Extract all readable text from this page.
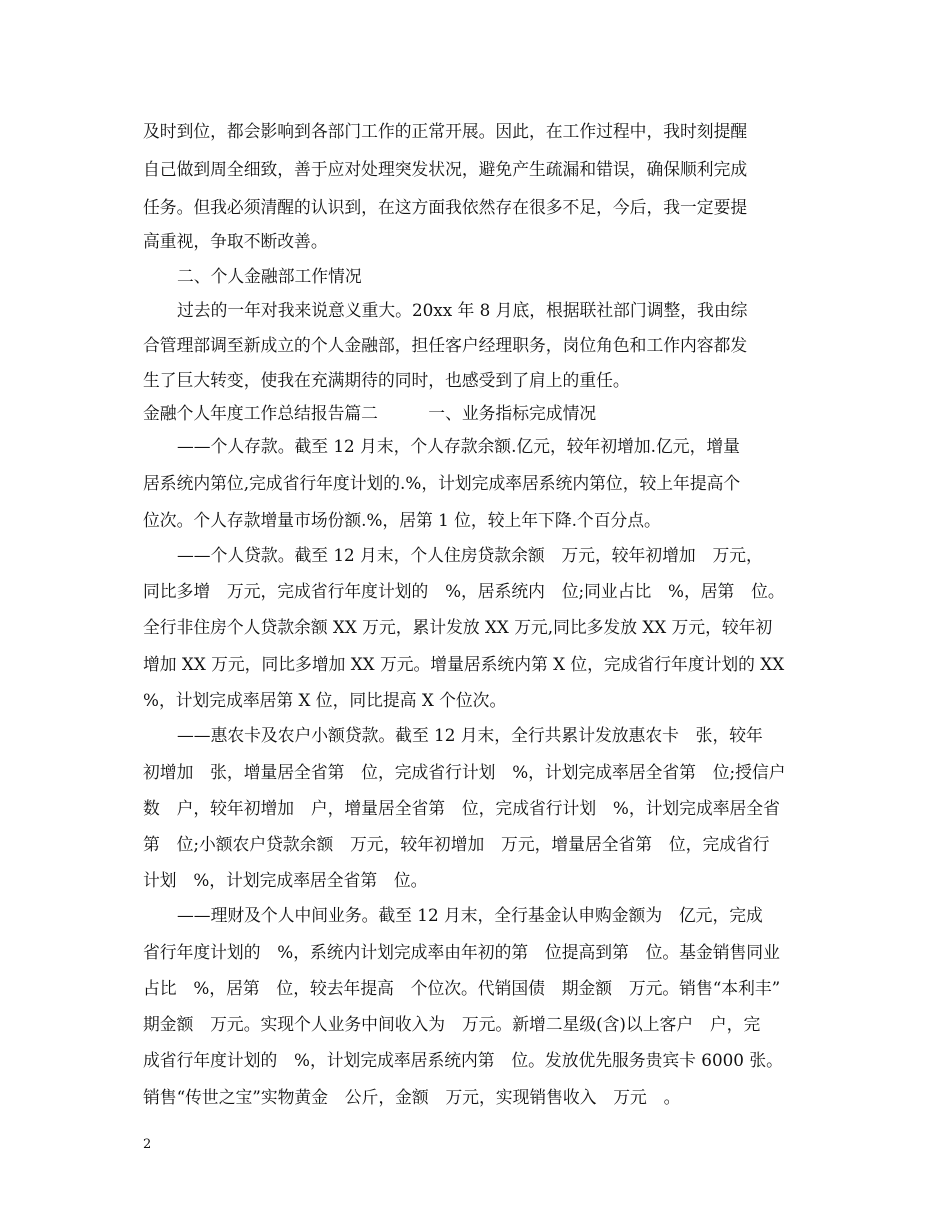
及时到位，都会影响到各部门工作的正常开展。因此，在工作过程中，我时刻提醒
自己做到周全细致，善于应对处理突发状况，避免产生疏漏和错误，确保顺利完成
任务。但我必须清醒的认识到，在这方面我依然存在很多不足，今后，我一定要提
高重视，争取不断改善。
二、个人金融部工作情况
过去的一年对我来说意义重大。20xx 年 8 月底，根据联社部门调整，我由综
合管理部调至新成立的个人金融部，担任客户经理职务，岗位角色和工作内容都发
生了巨大转变，使我在充满期待的同时，也感受到了肩上的重任。
金融个人年度工作总结报告篇二　　　一、业务指标完成情况
——个人存款。截至 12 月末，个人存款余额.亿元，较年初增加.亿元，增量
居系统内第位,完成省行年度计划的.%，计划完成率居系统内第位，较上年提高个
位次。个人存款增量市场份额.%，居第 1 位，较上年下降.个百分点。
——个人贷款。截至 12 月末，个人住房贷款余额　万元，较年初增加　万元，
同比多增　万元，完成省行年度计划的　%，居系统内　位;同业占比　%，居第　位。
全行非住房个人贷款余额 XX 万元，累计发放 XX 万元,同比多发放 XX 万元，较年初
增加 XX 万元，同比多增加 XX 万元。增量居系统内第 X 位，完成省行年度计划的 XX
%，计划完成率居第 X 位，同比提高 X 个位次。
——惠农卡及农户小额贷款。截至 12 月末，全行共累计发放惠农卡　张，较年
初增加　张，增量居全省第　位，完成省行计划　%，计划完成率居全省第　位;授信户
数　户，较年初增加　户，增量居全省第　位，完成省行计划　%，计划完成率居全省
第　位;小额农户贷款余额　万元，较年初增加　万元，增量居全省第　位，完成省行
计划　%，计划完成率居全省第　位。
——理财及个人中间业务。截至 12 月末，全行基金认申购金额为　亿元，完成
省行年度计划的　%，系统内计划完成率由年初的第　位提高到第　位。基金销售同业
占比　%，居第　位，较去年提高　个位次。代销国债　期金额　万元。销售“本利丰”
期金额　万元。实现个人业务中间收入为　万元。新增二星级(含)以上客户　户，完
成省行年度计划的　%，计划完成率居系统内第　位。发放优先服务贵宾卡 6000 张。
销售“传世之宝”实物黄金　公斤，金额　万元，实现销售收入　万元　。
2
